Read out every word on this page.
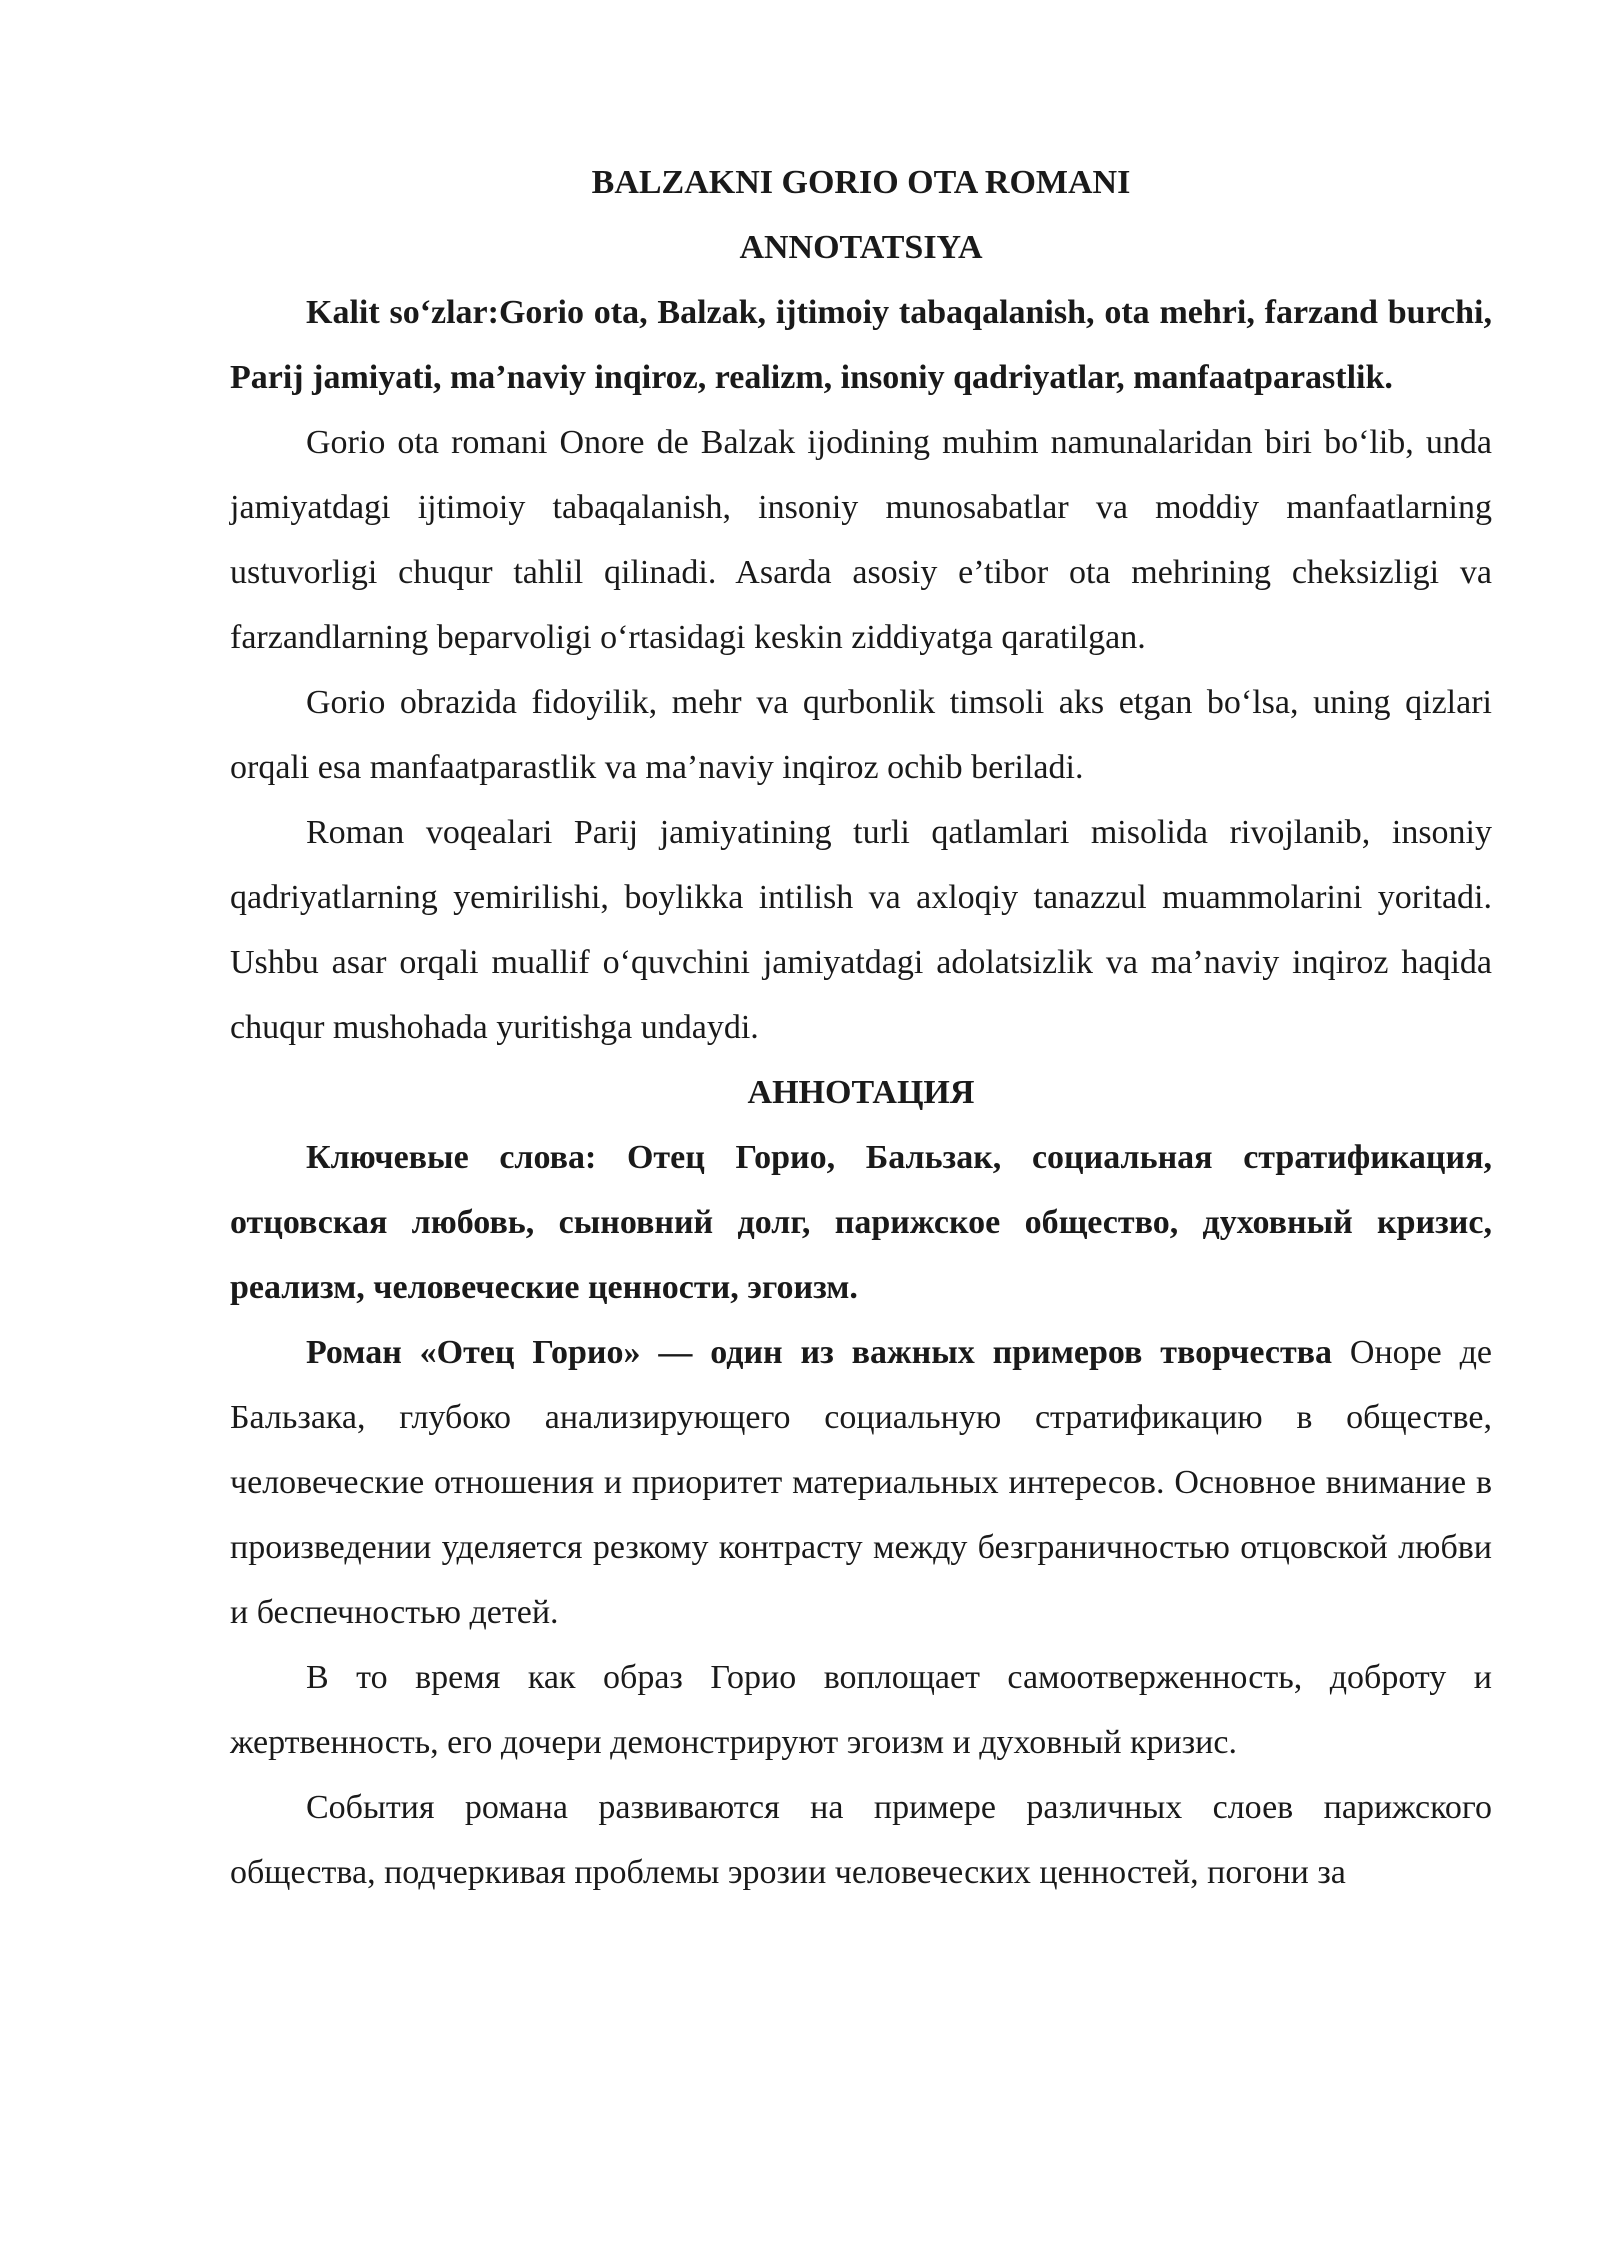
BALZAKNI GORIO OTA ROMANI
ANNOTATSIYA

Kalit so‘zlar:Gorio ota, Balzak, ijtimoiy tabaqalanish, ota mehri, farzand burchi, Parij jamiyati, ma’naviy inqiroz, realizm, insoniy qadriyatlar, manfaatparastlik.

Gorio ota romani Onore de Balzak ijodining muhim namunalaridan biri bo‘lib, unda jamiyatdagi ijtimoiy tabaqalanish, insoniy munosabatlar va moddiy manfaatlarning ustuvorligi chuqur tahlil qilinadi. Asarda asosiy e’tibor ota mehrining cheksizligi va farzandlarning beparvoligi o‘rtasidagi keskin ziddiyatga qaratilgan.

Gorio obrazida fidoyilik, mehr va qurbonlik timsoli aks etgan bo‘lsa, uning qizlari orqali esa manfaatparastlik va ma’naviy inqiroz ochib beriladi.

Roman voqealari Parij jamiyatining turli qatlamlari misolida rivojlanib, insoniy qadriyatlarning yemirilishi, boylikka intilish va axloqiy tanazzul muammolarini yoritadi. Ushbu asar orqali muallif o‘quvchini jamiyatdagi adolatsizlik va ma’naviy inqiroz haqida chuqur mushohada yuritishga undaydi.

АННОТАЦИЯ

Ключевые слова: Отец Горио, Бальзак, социальная стратификация, отцовская любовь, сыновний долг, парижское общество, духовный кризис, реализм, человеческие ценности, эгоизм.

Роман «Отец Горио» — один из важных примеров творчества Оноре де Бальзака, глубоко анализирующего социальную стратификацию в обществе, человеческие отношения и приоритет материальных интересов. Основное внимание в произведении уделяется резкому контрасту между безграничностью отцовской любви и беспечностью детей.

В то время как образ Горио воплощает самоотверженность, доброту и жертвенность, его дочери демонстрируют эгоизм и духовный кризис.

События романа развиваются на примере различных слоев парижского общества, подчеркивая проблемы эрозии человеческих ценностей, погони за
